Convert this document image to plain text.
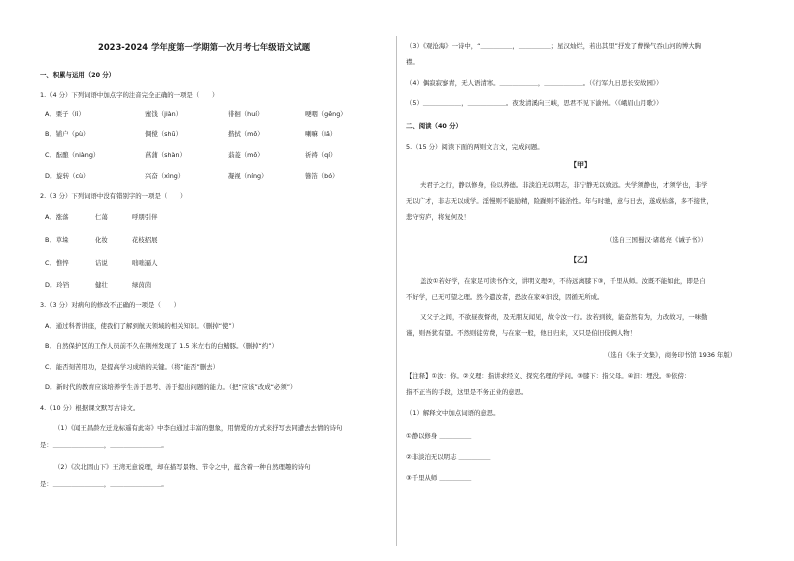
2023-2024 学年度第一学期第一次月考七年级语文试题
一、积累与运用（20 分）
1.（4 分）下列词语中加点字的注音完全正确的一项是（　　）
A．栗子（lì）	蜜饯（jiàn）	徘徊（huí）	哽咽（gěng）
B．铺户（pù）	倜傥（shū）	揩拭（mǒ）	喇嘛（lǎ）
C．酝酿（niàng）	菖蒲（shàn）	蓊菱（mǒ）	祈祷（qí）
D．旋转（cù）	兴奋（xìng）	凝视（níng）	簪箔（bó）
2.（3 分）下列词语中没有错别字的一项是（　　）
A．涨落	仁蔼	呼朋引伴
B．草垛	化妆	花枝招展
C．憔悴	诘说	咄咄逼人
D．玲铛	健壮	绿茵茵
3.（3 分）对病句的修改不正确的一项是（　　）
A．通过科普讲座，使我们了解到航天领域的相关知识。（删掉“使”）
B．自然保护区的工作人员前不久在荆州发现了 1.5 米左右的白鳍豚。（删掉“约”）
C．能否刻苦用功，是提高学习成绩的关键。（将“能否”删去）
D．新时代的教育应该培养学生善于思考、善于提出问题的能力。（把“应该”改成“必须”）
4.（10 分）根据课文默写古诗文。
（1）《闻王昌龄左迁龙标遥有此寄》中李白通过丰富的想象，用情爱的方式来抒写去同遭去去情的诗句
是：＿＿＿＿＿＿＿＿，＿＿＿＿＿＿＿＿。
（2）《次北固山下》王湾无意说理，却在描写景物、节令之中，蕴含着一种自然理趣的诗句
是：＿＿＿＿＿＿＿＿，＿＿＿＿＿＿＿＿。
（3）《观沧海》一诗中，“＿＿＿＿＿，＿＿＿＿＿；星汉灿烂，若出其里”抒发了曹操气吞山河的博大胸
襟。
（4）偶寂寂寥青，无人语清寒。＿＿＿＿＿＿，＿＿＿＿＿＿。（《行军九日思长安故园》）
（5）＿＿＿＿＿＿，＿＿＿＿＿＿。夜发清溪向三峡，思君不见下渝州。（《峨眉山月歌》）
二、阅读（40 分）
5.（15 分）阅读下面的两则文言文，完成问题。
【甲】
夫君子之行，静以修身，俭以养德。非淡泊无以明志，非宁静无以致远。夫学须静也，才须学也，非学
无以广才，非志无以成学。淫慢则不能励精，险躁则不能治性。年与时驰，意与日去，遂成枯落，多不接世，
悲守穷庐，将复何及！
（选自三国蜀汉·诸葛亮《诫子书》）
【乙】
盖汝①若好学，在家足可读书作文，讲明义理②，不待远离膝下③，千里从师。汝既不能如此，即是自
不好学，已无可望之理。然今遣汝者，恐汝在家④汩没，因循无所成。
又父子之间，不欲昼夜督责，及无朋友闻见，故令汝一行。汝若到彼，能奋然有为，力改故习，一味勤
谨，则吾犹有望。不然则徒劳费，与在家一般，他日归来，又只是伯旧伎俩人物！
（选自《朱子文集》，商务印书馆 1936 年版）
【注释】①汝：你。②义理：指讲求经义、探究名理的学问。③膝下：指父母。④汩：埋没。⑤依傍：
指不正当的手段，这里是不务正业的意思。
（1）解释文中加点词语的意思。
①静以修身 ＿＿＿＿＿
②非淡泊无以明志 ＿＿＿＿＿
③千里从师 ＿＿＿＿＿
